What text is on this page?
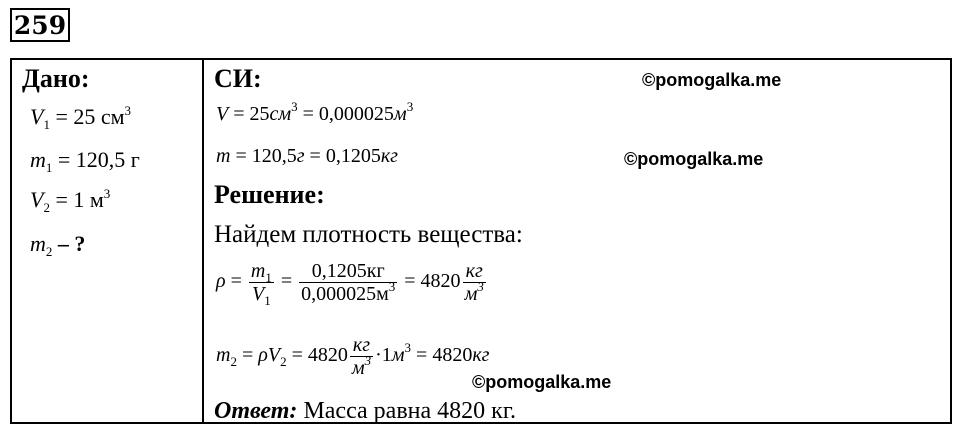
259
Дано:
$V_1 = 25$ $см^3$
$m_1 = 120,5$ г
$V_2 = 1$ $м^3$
$m_2$ – ?
СИ:
$V = 25см^3 = 0,000025м^3$
m = 120,5г = 0,1205кг
Решение:
Найдем плотность вещества:
$\rho = \frac{m_1}{V_1} = \frac{0,1205кг}{0,000025м^3} = 4820 \frac{кг}{м^3}$
$m_2 = \rho V_2 = 4820 \frac{кг}{м^3} \cdot 1м^3 = 4820кг$
Ответ: Масса равна 4820 кг.
©pomogalka.me
©pomogalka.me
©pomogalka.me
